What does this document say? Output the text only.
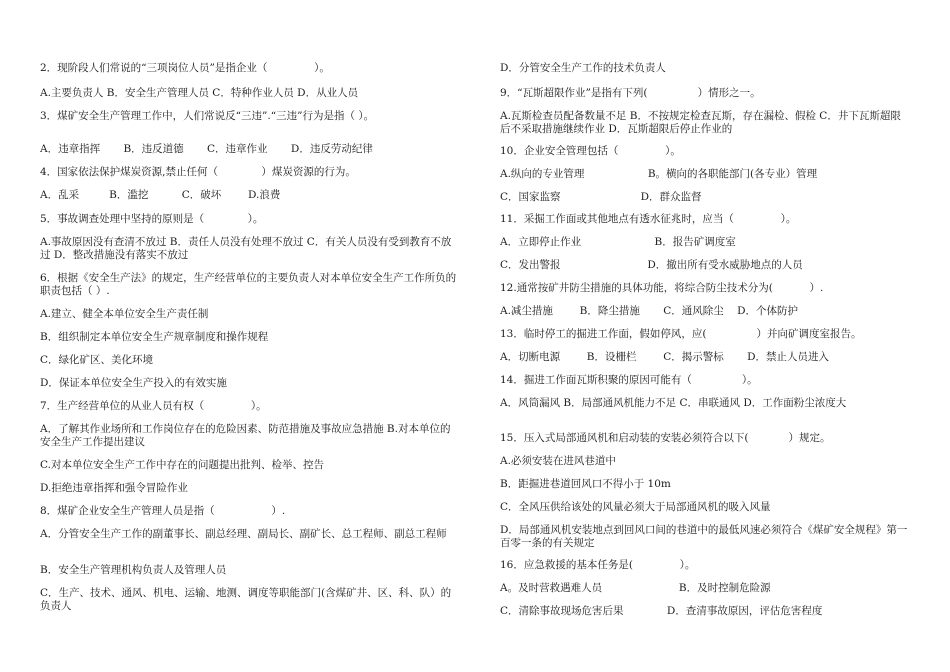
2．现阶段人们常说的“三项岗位人员”是指企业（              ）。
A.主要负责人 B．安全生产管理人员 C．特种作业人员 D．从业人员
3．煤矿安全生产管理工作中，人们常说反“三违”.“三违”行为是指（ ）。
A．违章指挥       B．违反道德       C．违章作业       D．违反劳动纪律
4．国家依法保护煤炭资源,禁止任何（             ）煤炭资源的行为。
A．乱采         B．滥挖          C．破坏        D.浪费
5．事故调查处理中坚持的原则是（             ）。
A.事故原因没有查清不放过 B．责任人员没有处理不放过 C．有关人员没有受到教育不放过 D．整改措施没有落实不放过
6．根据《安全生产法》的规定，生产经营单位的主要负责人对本单位安全生产工作所负的职责包括（ ）.
A.建立、健全本单位安全生产责任制
B．组织制定本单位安全生产规章制度和操作规程
C．绿化矿区、美化环境
D．保证本单位安全生产投入的有效实施
7．生产经营单位的从业人员有权（              ）。
A．了解其作业场所和工作岗位存在的危险因素、防范措施及事故应急措施 B.对本单位的安全生产工作提出建议
C.对本单位安全生产工作中存在的问题提出批判、检举、控告
D.拒绝违章指挥和强令冒险作业
8．煤矿企业安全生产管理人员是指（                 ）.
A．分管安全生产工作的副董事长、副总经理、副局长、副矿长、总工程师、副总工程师
B．安全生产管理机构负责人及管理人员
C．生产、技术、通风、机电、运输、地测、调度等职能部门(含煤矿井、区、科、队）的负责人
D．分管安全生产工作的技术负责人
9．“瓦斯超限作业”是指有下列(               ）情形之一。
A.瓦斯检查员配备数量不足 B．不按规定检查瓦斯，存在漏检、假检 C．井下瓦斯超限后不采取措施继续作业 D．瓦斯超限后停止作业的
10．企业安全管理包括（              ）。
A.纵向的专业管理                   B。横向的各职能部门(各专业）管理
C．国家监察                        D．群众监督
11．采掘工作面或其他地点有透水征兆时，应当（              ）。
A．立即停止作业                      B．报告矿调度室
C．发出警报                          D．撤出所有受水威胁地点的人员
12.通常按矿井防尘措施的具体功能，将综合防尘技术分为(           ）.
A.减尘措施        B．降尘措施       C．通风除尘    D．个体防护
13．临时停工的掘进工作面，假如停风，应(               ）并向矿调度室报告。
A．切断电源        B．设栅栏        C．揭示警标       D．禁止人员进入
14．掘进工作面瓦斯积聚的原因可能有（               ）。
A．风筒漏风 B．局部通风机能力不足 C．串联通风 D．工作面粉尘浓度大
15．压入式局部通风机和启动装的安装必须符合以下(            ）规定。
A.必须安装在进风巷道中
B．距掘进巷道回风口不得小于 10m
C．全风压供给该处的风量必须大于局部通风机的吸入风量
D．局部通风机安装地点到回风口间的巷道中的最低风速必须符合《煤矿安全规程》第一百零一条的有关规定
16．应急救援的基本任务是(              ）。
A。及时营救遇难人员                       B．及时控制危险源
C．清除事故现场危害后果             D．查清事故原因，评估危害程度
